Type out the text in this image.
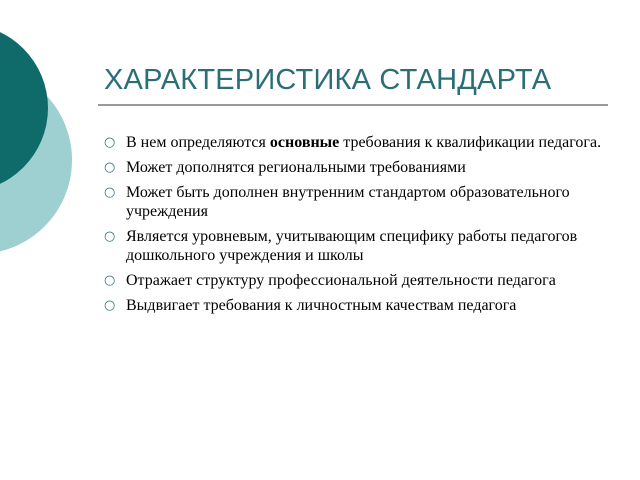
ХАРАКТЕРИСТИКА СТАНДАРТА
○ В нем определяются основные требования к квалификации педагога.
○ Может дополнятся региональными требованиями
○ Может быть дополнен внутренним стандартом образовательного учреждения
○ Является уровневым, учитывающим специфику работы педагогов дошкольного учреждения и школы
○ Отражает структуру профессиональной деятельности педагога
○ Выдвигает требования к личностным качествам педагога
